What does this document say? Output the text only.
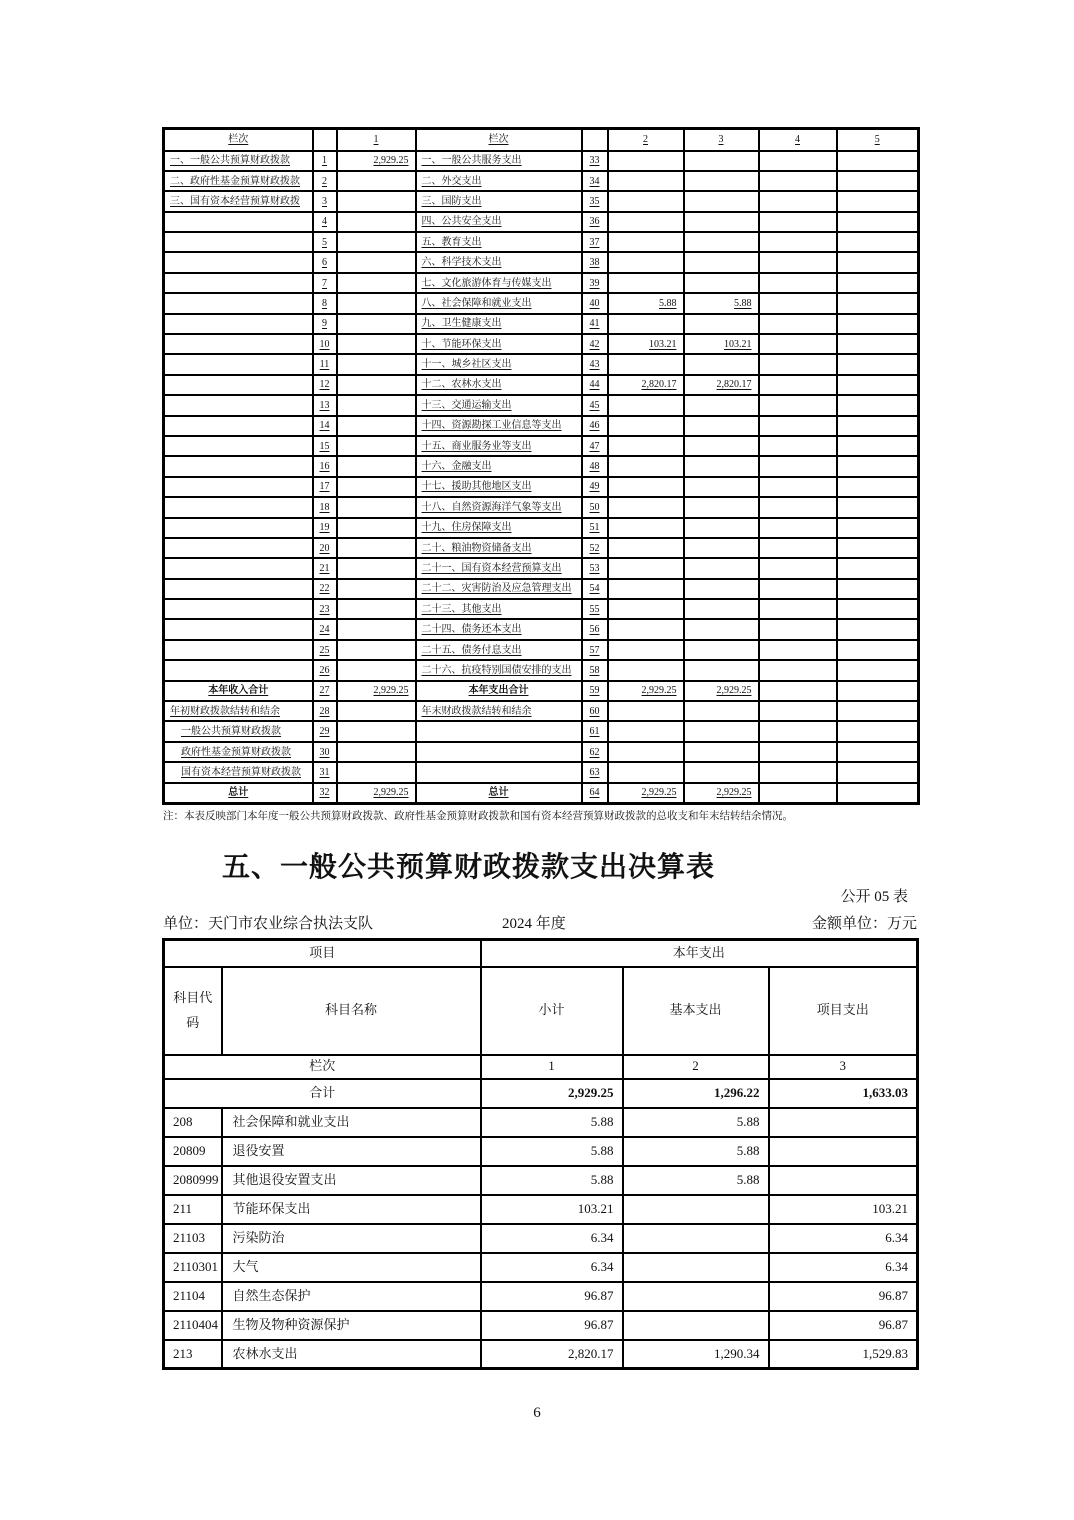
栏次		1	栏次		2	3	4	5
一、一般公共预算财政拨款	1	2,929.25	一、一般公共服务支出	33				
二、政府性基金预算财政拨款	2		二、外交支出	34				
三、国有资本经营预算财政拨	3		三、国防支出	35				
	4		四、公共安全支出	36				
	5		五、教育支出	37				
	6		六、科学技术支出	38				
	7		七、文化旅游体育与传媒支出	39				
	8		八、社会保障和就业支出	40	5.88	5.88		
	9		九、卫生健康支出	41				
	10		十、节能环保支出	42	103.21	103.21		
	11		十一、城乡社区支出	43				
	12		十二、农林水支出	44	2,820.17	2,820.17		
	13		十三、交通运输支出	45				
	14		十四、资源勘探工业信息等支出	46				
	15		十五、商业服务业等支出	47				
	16		十六、金融支出	48				
	17		十七、援助其他地区支出	49				
	18		十八、自然资源海洋气象等支出	50				
	19		十九、住房保障支出	51				
	20		二十、粮油物资储备支出	52				
	21		二十一、国有资本经营预算支出	53				
	22		二十二、灾害防治及应急管理支出	54				
	23		二十三、其他支出	55				
	24		二十四、债务还本支出	56				
	25		二十五、债务付息支出	57				
	26		二十六、抗疫特别国债安排的支出	58				
本年收入合计	27	2,929.25	本年支出合计	59	2,929.25	2,929.25		
年初财政拨款结转和结余	28		年末财政拨款结转和结余	60				
一般公共预算财政拨款	29			61				
政府性基金预算财政拨款	30			62				
国有资本经营预算财政拨款	31			63				
总计	32	2,929.25	总计	64	2,929.25	2,929.25		
注：本表反映部门本年度一般公共预算财政拨款、政府性基金预算财政拨款和国有资本经营预算财政拨款的总收支和年末结转结余情况。
五、一般公共预算财政拨款支出决算表
公开 05 表
单位：天门市农业综合执法支队	2024 年度	金额单位：万元
项目		本年支出		
科目代码	科目名称	小计	基本支出	项目支出
栏次		1	2	3
合计		2,929.25	1,296.22	1,633.03
208	社会保障和就业支出	5.88	5.88	
20809	退役安置	5.88	5.88	
2080999	其他退役安置支出	5.88	5.88	
211	节能环保支出	103.21		103.21
21103	污染防治	6.34		6.34
2110301	大气	6.34		6.34
21104	自然生态保护	96.87		96.87
2110404	生物及物种资源保护	96.87		96.87
213	农林水支出	2,820.17	1,290.34	1,529.83
6
